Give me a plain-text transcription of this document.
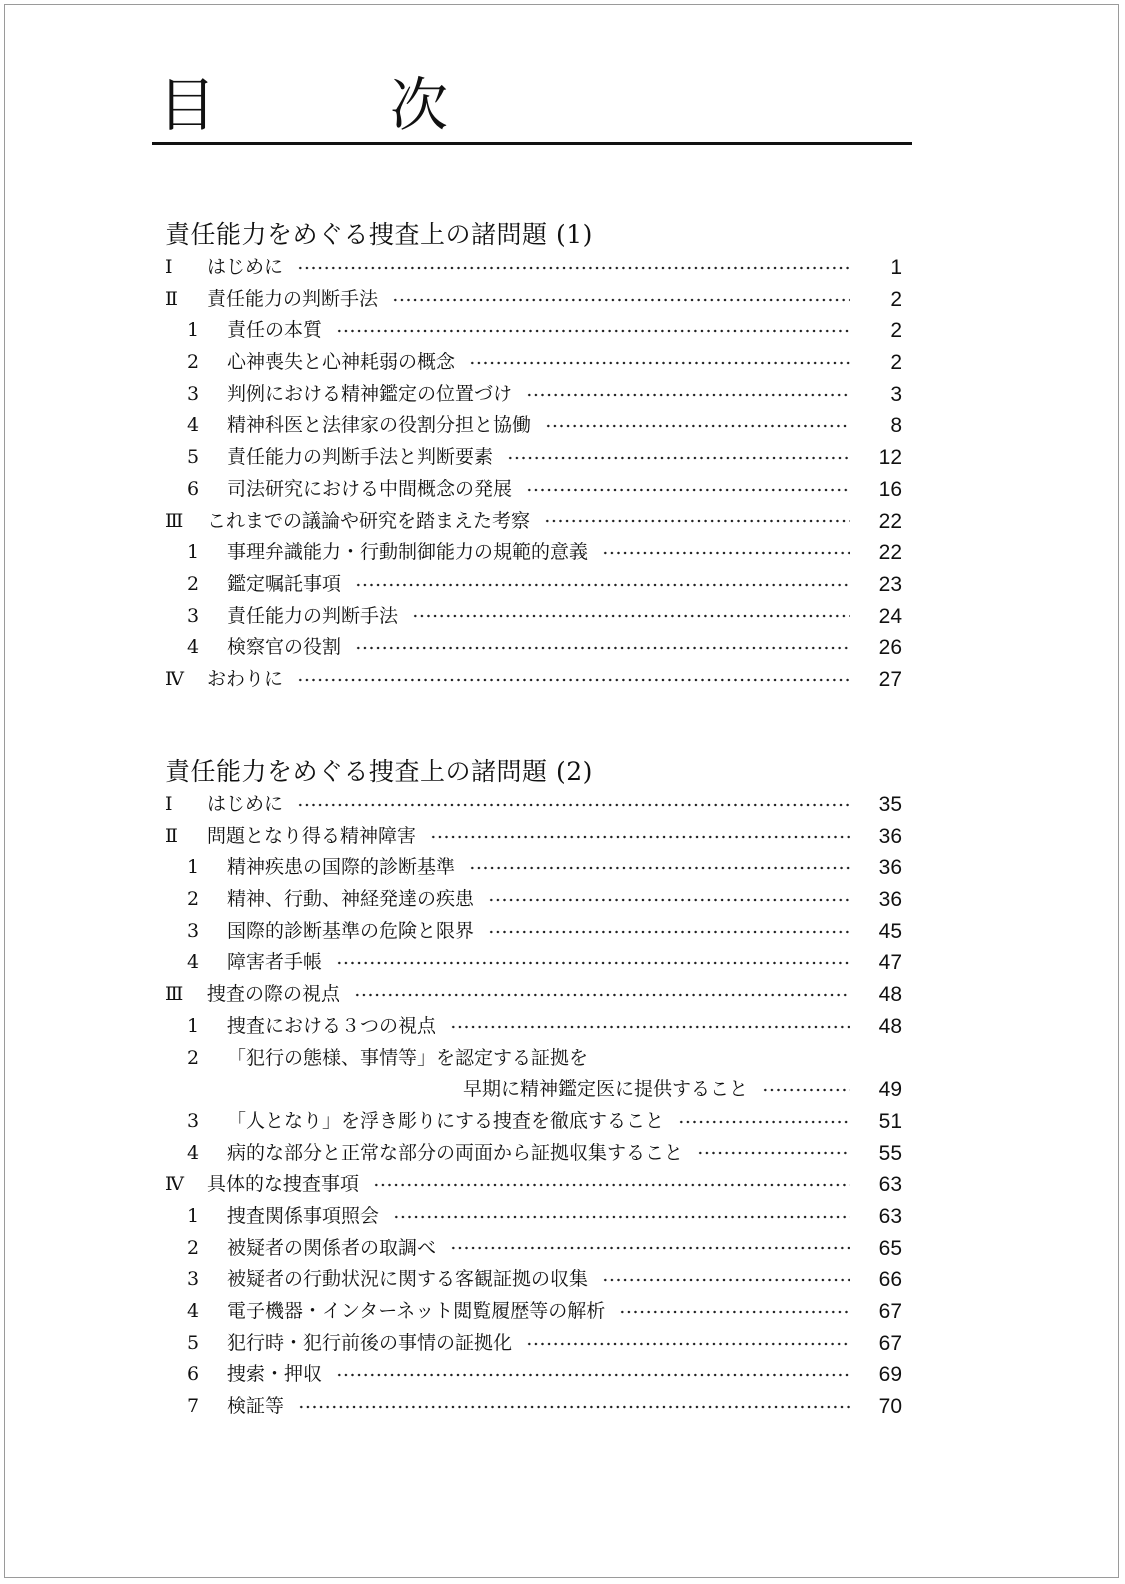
目　次
責任能力をめぐる捜査上の諸問題 (1)
Ⅰ はじめに	1
Ⅱ 責任能力の判断手法	2
1 責任の本質	2
2 心神喪失と心神耗弱の概念	2
3 判例における精神鑑定の位置づけ	3
4 精神科医と法律家の役割分担と協働	8
5 責任能力の判断手法と判断要素	12
6 司法研究における中間概念の発展	16
Ⅲ これまでの議論や研究を踏まえた考察	22
1 事理弁識能力・行動制御能力の規範的意義	22
2 鑑定嘱託事項	23
3 責任能力の判断手法	24
4 検察官の役割	26
Ⅳ おわりに	27
責任能力をめぐる捜査上の諸問題 (2)
Ⅰ はじめに	35
Ⅱ 問題となり得る精神障害	36
1 精神疾患の国際的診断基準	36
2 精神、行動、神経発達の疾患	36
3 国際的診断基準の危険と限界	45
4 障害者手帳	47
Ⅲ 捜査の際の視点	48
1 捜査における３つの視点	48
2 「犯行の態様、事情等」を認定する証拠を
早期に精神鑑定医に提供すること	49
3 「人となり」を浮き彫りにする捜査を徹底すること	51
4 病的な部分と正常な部分の両面から証拠収集すること	55
Ⅳ 具体的な捜査事項	63
1 捜査関係事項照会	63
2 被疑者の関係者の取調べ	65
3 被疑者の行動状況に関する客観証拠の収集	66
4 電子機器・インターネット閲覧履歴等の解析	67
5 犯行時・犯行前後の事情の証拠化	67
6 捜索・押収	69
7 検証等	70
